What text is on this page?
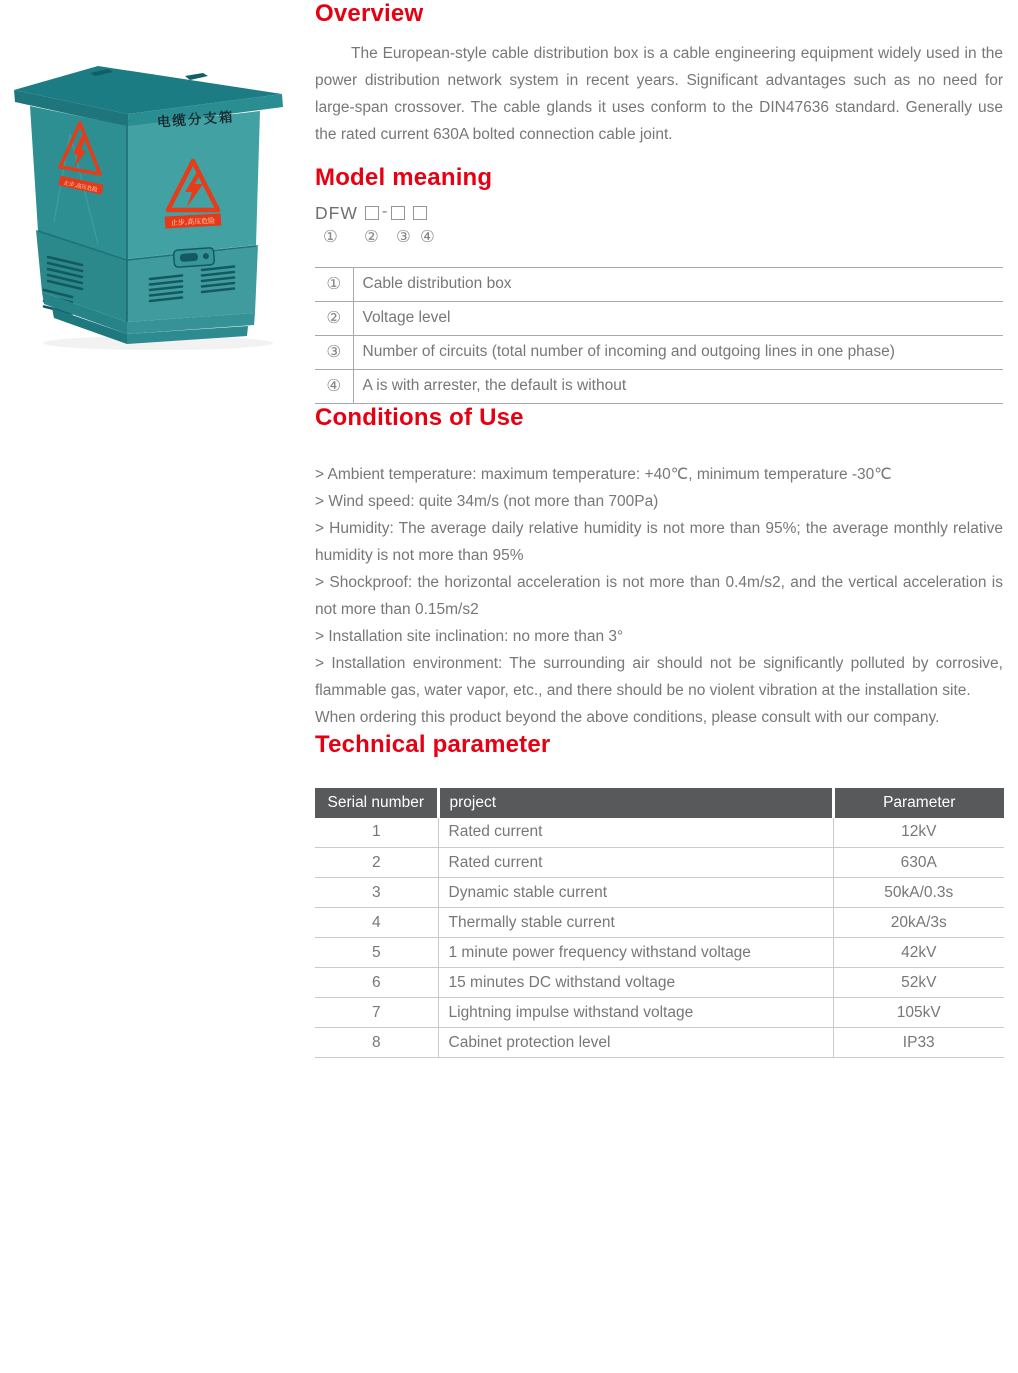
电缆分支箱
止步,高压危险
止步,高压危险
Overview

The European-style cable distribution box is a cable engineering equipment widely used in the power distribution network system in recent years. Significant advantages such as no need for large-span crossover. The cable glands it uses conform to the DIN47636 standard. Generally use the rated current 630A bolted connection cable joint.

Model meaning
DFW -
① ② ③ ④
①	Cable distribution box
②	Voltage level
③	Number of circuits (total number of incoming and outgoing lines in one phase)
④	A is with arrester, the default is without
Conditions of Use
> Ambient temperature: maximum temperature: +40℃, minimum temperature -30℃
> Wind speed: quite 34m/s (not more than 700Pa)
> Humidity: The average daily relative humidity is not more than 95%; the average monthly relative humidity is not more than 95%
> Shockproof: the horizontal acceleration is not more than 0.4m/s2, and the vertical acceleration is not more than 0.15m/s2
> Installation site inclination: no more than 3°
> Installation environment: The surrounding air should not be significantly polluted by corrosive, flammable gas, water vapor, etc., and there should be no violent vibration at the installation site.
When ordering this product beyond the above conditions, please consult with our company.
Technical parameter
Serial number	project	Parameter
1	Rated current	12kV
2	Rated current	630A
3	Dynamic stable current	50kA/0.3s
4	Thermally stable current	20kA/3s
5	1 minute power frequency withstand voltage	42kV
6	15 minutes DC withstand voltage	52kV
7	Lightning impulse withstand voltage	105kV
8	Cabinet protection level	IP33
